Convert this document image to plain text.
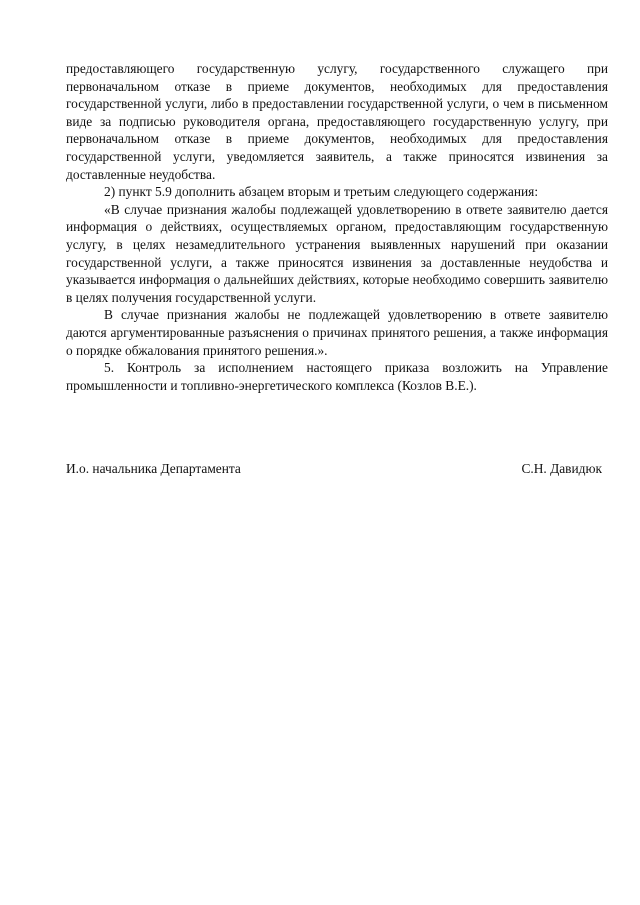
предоставляющего государственную услугу, государственного служащего при первоначальном отказе в приеме документов, необходимых для предоставления государственной услуги, либо в предоставлении государственной услуги, о чем в письменном виде за подписью руководителя органа, предоставляющего государственную услугу, при первоначальном отказе в приеме документов, необходимых для предоставления государственной услуги, уведомляется заявитель, а также приносятся извинения за доставленные неудобства.

2) пункт 5.9 дополнить абзацем вторым и третьим следующего содержания:

«В случае признания жалобы подлежащей удовлетворению в ответе заявителю дается информация о действиях, осуществляемых органом, предоставляющим государственную услугу, в целях незамедлительного устранения выявленных нарушений при оказании государственной услуги, а также приносятся извинения за доставленные неудобства и указывается информация о дальнейших действиях, которые необходимо совершить заявителю в целях получения государственной услуги.

В случае признания жалобы не подлежащей удовлетворению в ответе заявителю даются аргументированные разъяснения о причинах принятого решения, а также информация о порядке обжалования принятого решения.».

5. Контроль за исполнением настоящего приказа возложить на Управление промышленности и топливно-энергетического комплекса (Козлов В.Е.).

И.о. начальника Департамента	С.Н. Давидюк
